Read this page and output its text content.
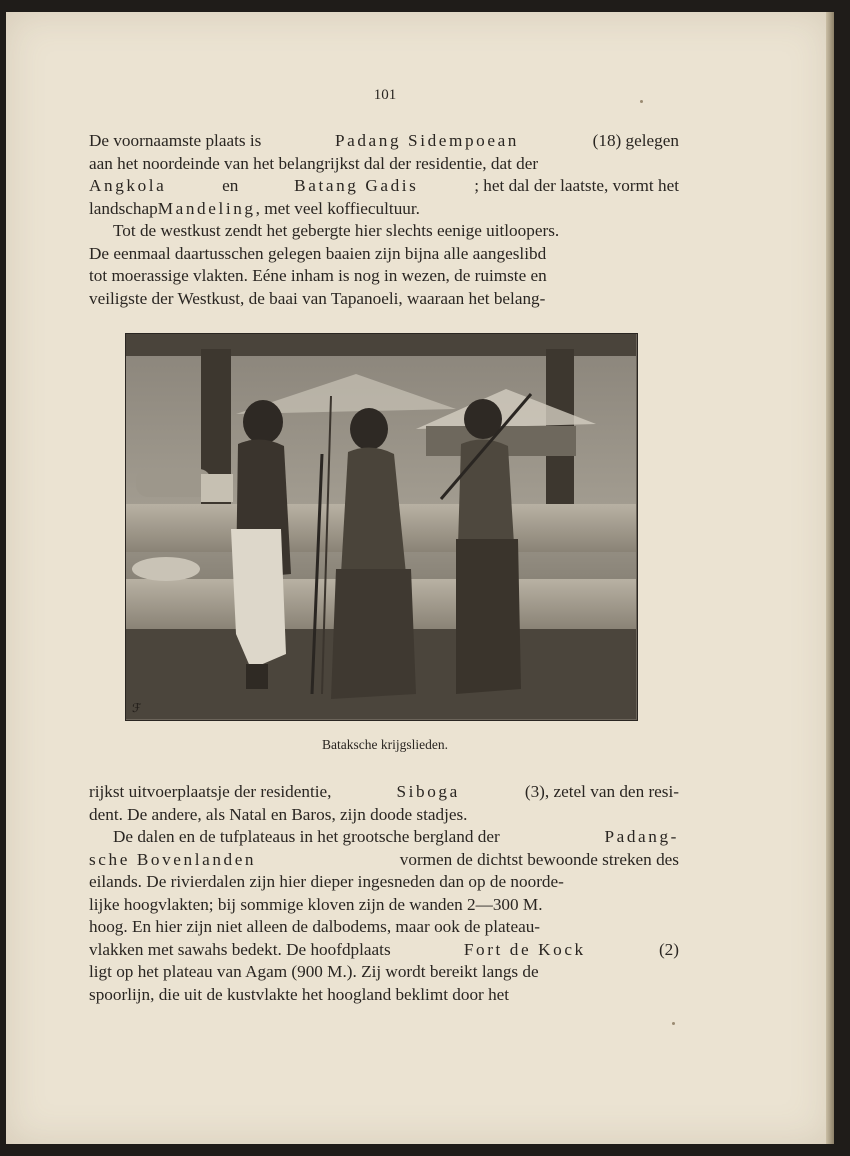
101
De voornaamste plaats is	Padang Sidempoean	(18) gelegen
aan het noordeinde van het belangrijkst dal der residentie, dat der
Angkola	en	Batang Gadis	; het dal der laatste, vormt het
landschap Mandeling , met veel koffiecultuur.
Tot de westkust zendt het gebergte hier slechts eenige uitloopers.
De eenmaal daartusschen gelegen baaien zijn bijna alle aangeslibd
tot moerassige vlakten. Eéne inham is nog in wezen, de ruimste en
veiligste der Westkust, de baai van Tapanoeli, waaraan het belang-
ℱ
Bataksche krijgslieden.
rijkst uitvoerplaatsje der residentie,	Siboga	(3), zetel van den resi-
dent. De andere, als Natal en Baros, zijn doode stadjes.
De dalen en de tufplateaus in het grootsche bergland der	Padang-
sche Bovenlanden	vormen de dichtst bewoonde streken des
eilands. De rivierdalen zijn hier dieper ingesneden dan op de noorde-
lijke hoogvlakten; bij sommige kloven zijn de wanden 2—300 M.
hoog. En hier zijn niet alleen de dalbodems, maar ook de plateau-
vlakken met sawahs bedekt. De hoofdplaats	Fort de Kock	(2)
ligt op het plateau van Agam (900 M.). Zij wordt bereikt langs de
spoorlijn, die uit de kustvlakte het hoogland beklimt door het
